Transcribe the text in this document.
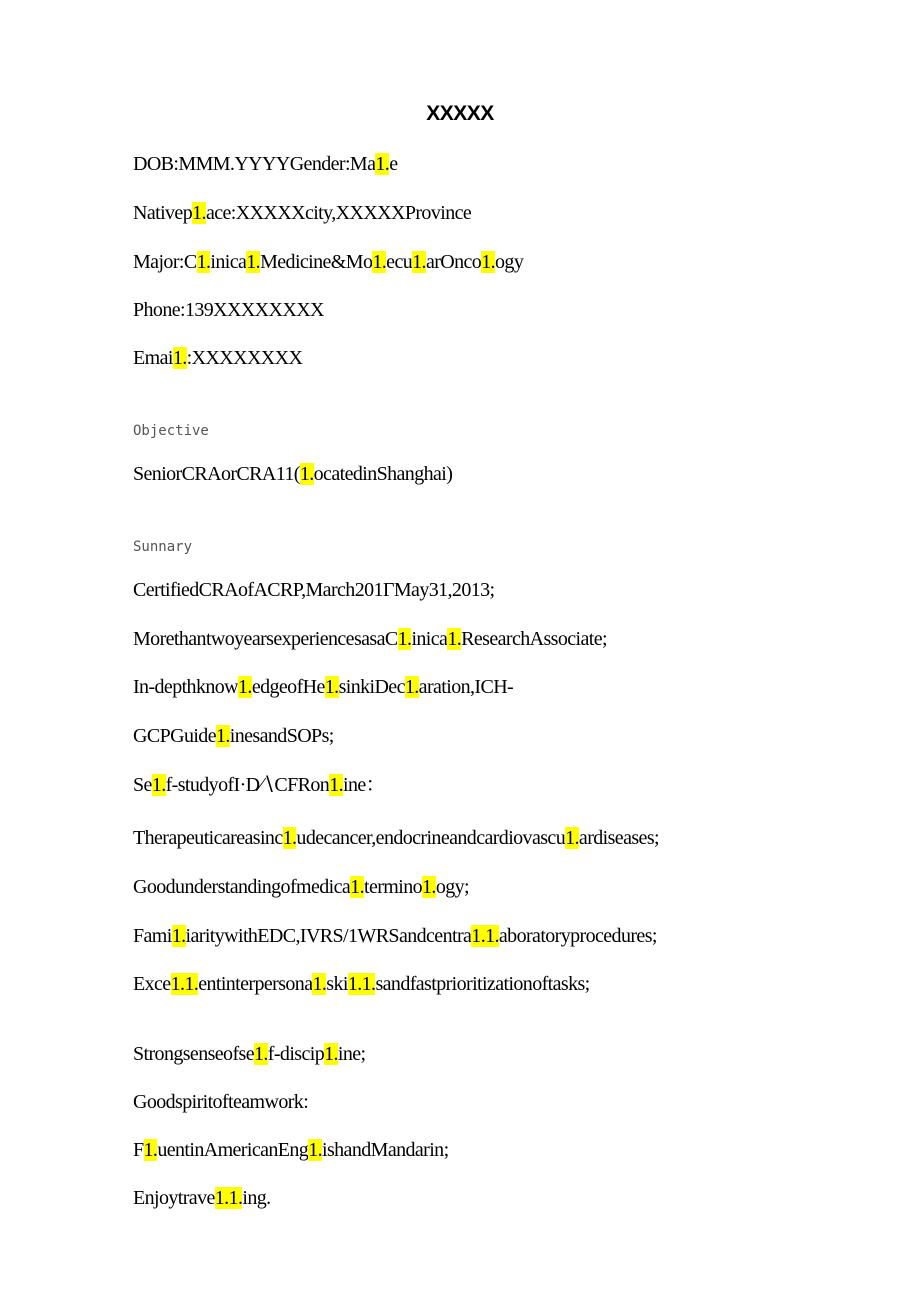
XXXXX
DOB:MMM.YYYYGender:Ma1.e
Nativep1.ace:XXXXXcity,XXXXXProvince
Major:C1.inica1.Medicine&Mo1.ecu1.arOnco1.ogy
Phone:139XXXXXXXX
Emai1.:XXXXXXXX
Objective
SeniorCRAorCRA11(1.ocatedinShanghai)
Sunnary
CertifiedCRAofACRP,March201ΓMay31,2013;
MorethantwoyearsexperiencesasaC1.inica1.ResearchAssociate;
In-depthknow1.edgeofHe1.sinkiDec1.aration,ICH-
GCPGuide1.inesandSOPs;
Se1.f-studyofI·D∕∖CFRon1.ine：
Therapeuticareasinc1.udecancer,endocrineandcardiovascu1.ardiseases;
Goodunderstandingofmedica1.termino1.ogy;
Fami1.iaritywithEDC,IVRS/1WRSandcentra1.1.aboratoryprocedures;
Exce1.1.entinterpersona1.ski1.1.sandfastprioritizationoftasks;
Strongsenseofse1.f-discip1.ine;
Goodspiritofteamwork:
F1.uentinAmericanEng1.ishandMandarin;
Enjoytrave1.1.ing.
